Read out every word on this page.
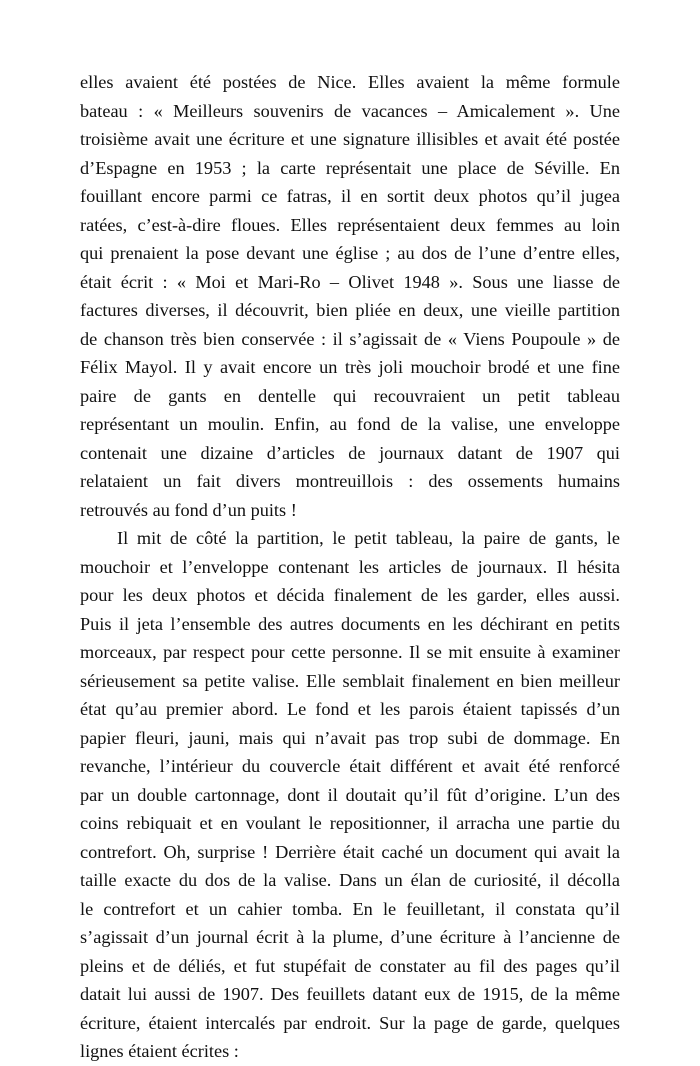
elles avaient été postées de Nice. Elles avaient la même formule
bateau : « Meilleurs souvenirs de vacances – Amicalement ». Une
troisième avait une écriture et une signature illisibles et avait été postée
d’Espagne en 1953 ; la carte représentait une place de Séville. En
fouillant encore parmi ce fatras, il en sortit deux photos qu’il jugea
ratées, c’est-à-dire floues. Elles représentaient deux femmes au loin
qui prenaient la pose devant une église ; au dos de l’une d’entre elles,
était écrit : « Moi et Mari-Ro – Olivet 1948 ». Sous une liasse de
factures diverses, il découvrit, bien pliée en deux, une vieille partition
de chanson très bien conservée : il s’agissait de « Viens Poupoule » de
Félix Mayol. Il y avait encore un très joli mouchoir brodé et une fine
paire de gants en dentelle qui recouvraient un petit tableau
représentant un moulin. Enfin, au fond de la valise, une enveloppe
contenait une dizaine d’articles de journaux datant de 1907 qui
relataient un fait divers montreuillois : des ossements humains
retrouvés au fond d’un puits !
Il mit de côté la partition, le petit tableau, la paire de gants, le
mouchoir et l’enveloppe contenant les articles de journaux. Il hésita
pour les deux photos et décida finalement de les garder, elles aussi.
Puis il jeta l’ensemble des autres documents en les déchirant en petits
morceaux, par respect pour cette personne. Il se mit ensuite à examiner
sérieusement sa petite valise. Elle semblait finalement en bien meilleur
état qu’au premier abord. Le fond et les parois étaient tapissés d’un
papier fleuri, jauni, mais qui n’avait pas trop subi de dommage. En
revanche, l’intérieur du couvercle était différent et avait été renforcé
par un double cartonnage, dont il doutait qu’il fût d’origine. L’un des
coins rebiquait et en voulant le repositionner, il arracha une partie du
contrefort. Oh, surprise ! Derrière était caché un document qui avait la
taille exacte du dos de la valise. Dans un élan de curiosité, il décolla
le contrefort et un cahier tomba. En le feuilletant, il constata qu’il
s’agissait d’un journal écrit à la plume, d’une écriture à l’ancienne de
pleins et de déliés, et fut stupéfait de constater au fil des pages qu’il
datait lui aussi de 1907. Des feuillets datant eux de 1915, de la même
écriture, étaient intercalés par endroit. Sur la page de garde, quelques
lignes étaient écrites :
